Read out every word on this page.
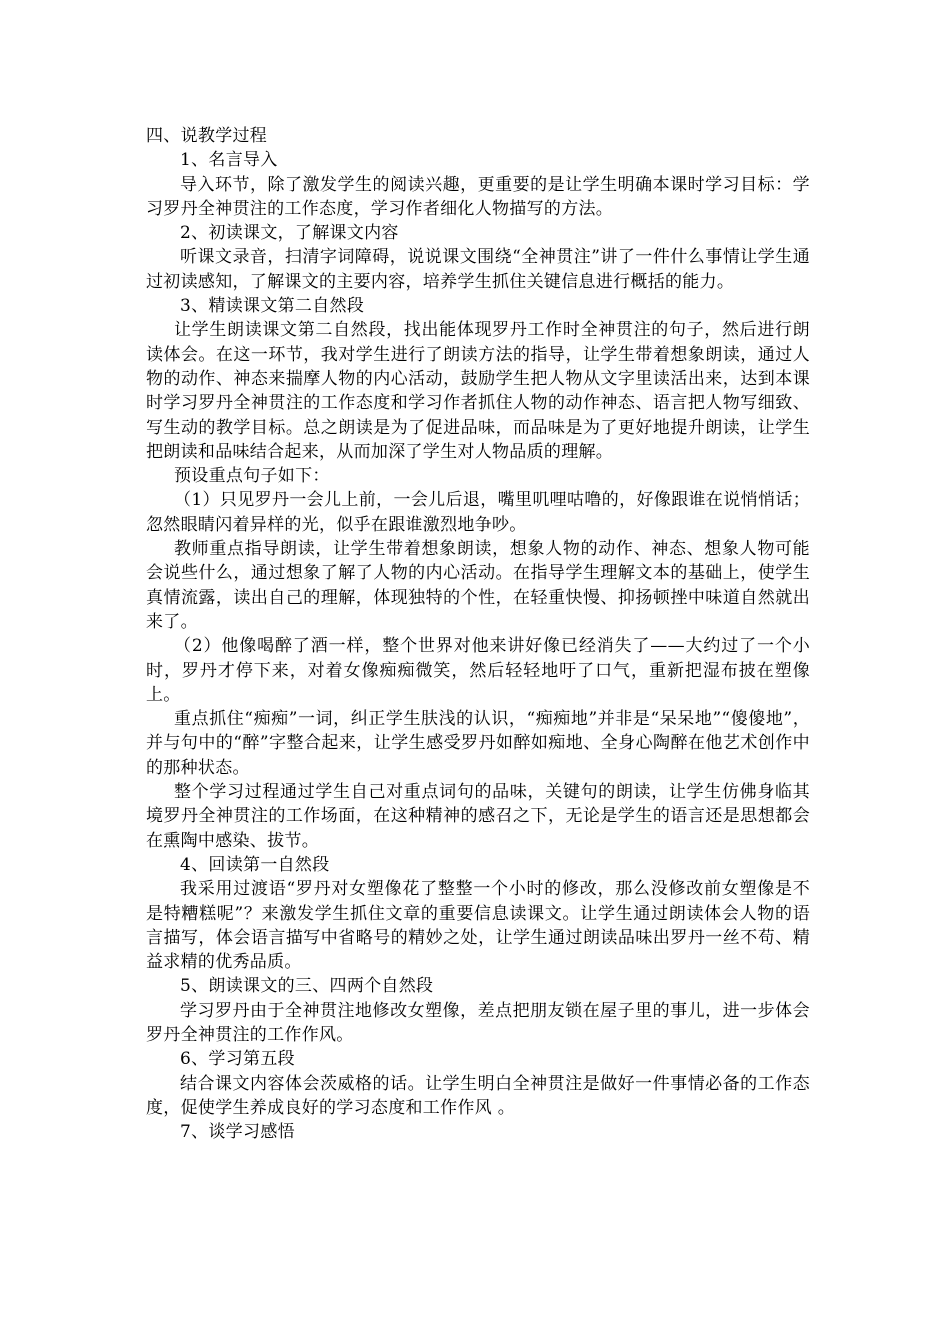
四、说教学过程

1、名言导入

导入环节，除了激发学生的阅读兴趣，更重要的是让学生明确本课时学习目标：学习罗丹全神贯注的工作态度，学习作者细化人物描写的方法。

2、初读课文，了解课文内容

听课文录音，扫清字词障碍，说说课文围绕“全神贯注”讲了一件什么事情让学生通过初读感知，了解课文的主要内容，培养学生抓住关键信息进行概括的能力。

3、精读课文第二自然段

让学生朗读课文第二自然段，找出能体现罗丹工作时全神贯注的句子，然后进行朗读体会。在这一环节，我对学生进行了朗读方法的指导，让学生带着想象朗读，通过人物的动作、神态来揣摩人物的内心活动，鼓励学生把人物从文字里读活出来，达到本课时学习罗丹全神贯注的工作态度和学习作者抓住人物的动作神态、语言把人物写细致、写生动的教学目标。总之朗读是为了促进品味，而品味是为了更好地提升朗读，让学生把朗读和品味结合起来，从而加深了学生对人物品质的理解。

预设重点句子如下：

（1）只见罗丹一会儿上前，一会儿后退，嘴里叽哩咕噜的，好像跟谁在说悄悄话；忽然眼睛闪着异样的光，似乎在跟谁激烈地争吵。

教师重点指导朗读，让学生带着想象朗读，想象人物的动作、神态、想象人物可能会说些什么，通过想象了解了人物的内心活动。在指导学生理解文本的基础上，使学生真情流露，读出自己的理解，体现独特的个性，在轻重快慢、抑扬顿挫中味道自然就出来了。

（2）他像喝醉了酒一样，整个世界对他来讲好像已经消失了——大约过了一个小时，罗丹才停下来，对着女像痴痴微笑，然后轻轻地吁了口气，重新把湿布披在塑像上。

重点抓住“痴痴”一词，纠正学生肤浅的认识，“痴痴地”并非是“呆呆地”“傻傻地”，并与句中的“醉”字整合起来，让学生感受罗丹如醉如痴地、全身心陶醉在他艺术创作中的那种状态。

整个学习过程通过学生自己对重点词句的品味，关键句的朗读，让学生仿佛身临其境罗丹全神贯注的工作场面，在这种精神的感召之下，无论是学生的语言还是思想都会在熏陶中感染、拔节。

4、回读第一自然段

我采用过渡语“罗丹对女塑像花了整整一个小时的修改，那么没修改前女塑像是不是特糟糕呢”？来激发学生抓住文章的重要信息读课文。让学生通过朗读体会人物的语言描写，体会语言描写中省略号的精妙之处，让学生通过朗读品味出罗丹一丝不苟、精益求精的优秀品质。

5、朗读课文的三、四两个自然段

学习罗丹由于全神贯注地修改女塑像，差点把朋友锁在屋子里的事儿，进一步体会罗丹全神贯注的工作作风。

6、学习第五段

结合课文内容体会茨威格的话。让学生明白全神贯注是做好一件事情必备的工作态度，促使学生养成良好的学习态度和工作作风 。

7、谈学习感悟
